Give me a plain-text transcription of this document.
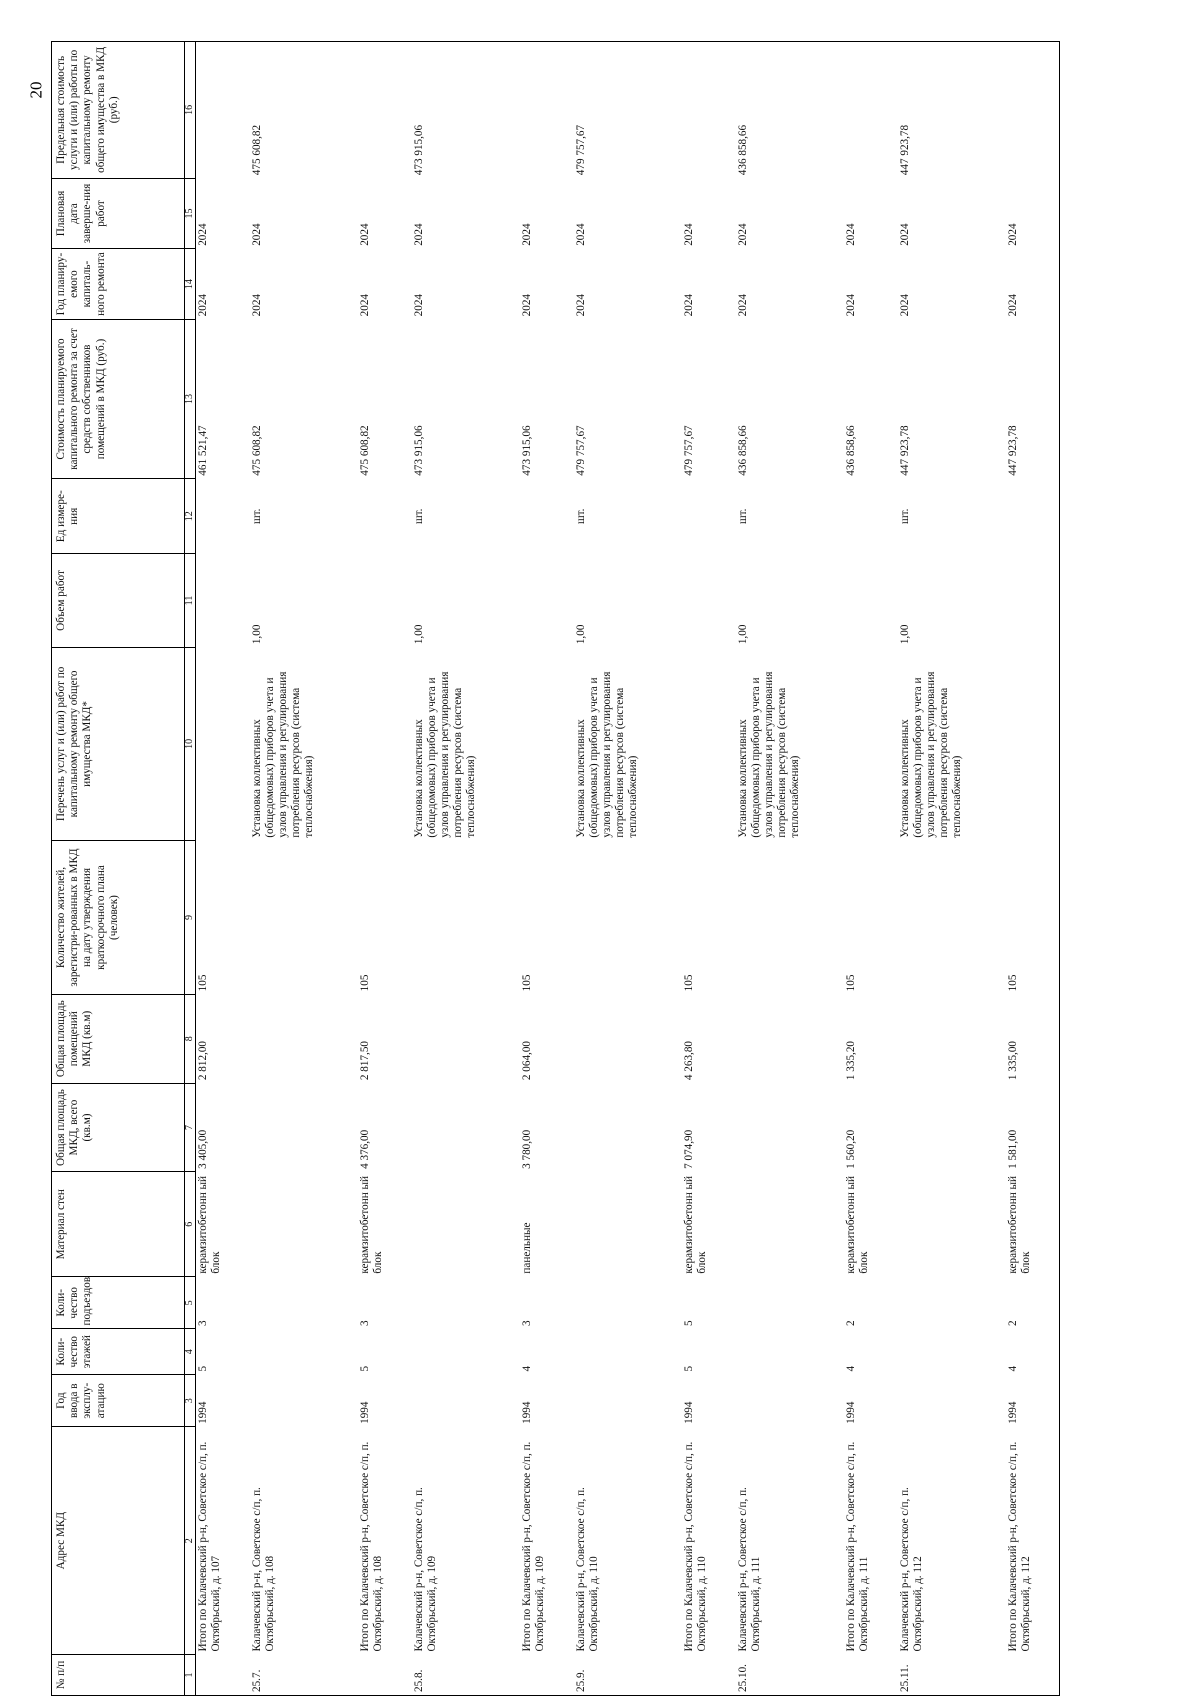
20
№ п/п	Адрес МКД	Год ввода в эксплу-атацию	Коли-чество этажей	Коли-чество подъездов	Материал стен	Общая площадь МКД, всего (кв.м)	Общая площадь помещений МКД (кв.м)	Количество жителей, зарегистри-рованных в МКД на дату утверждения краткосрочного плана (человек)	Перечень услуг и (или) работ по капитальному ремонту общего имущества МКД*	Объем работ	Ед измере-ния	Стоимость планируемого капитального ремонта за счет средств собственников помещений в МКД (руб.)	Год планиру-емого капиталь-ного ремонта	Плановая дата заверше-ния работ	Предельная стоимость услуги и (или) работы по капитальному ремонту общего имущества в МКД (руб.)
1	2	3	4	5	6	7	8	9	10	11	12	13	14	15	16
	Итого по Калачевский р-н, Советское с/п, п. Октябрьский, д. 107	1994	5	3	керамзитобетонн ый блок	3 405,00	2 812,00	105				461 521,47	2024	2024	
25.7.	Калачевский р-н, Советское с/п, п. Октябрьский, д. 108								Установка коллективных (общедомовых) приборов учета и узлов управления и регулирования потребления ресурсов (система теплоснабжения)	1,00	шт.	475 608,82	2024	2024	475 608,82
	Итого по Калачевский р-н, Советское с/п, п. Октябрьский, д. 108	1994	5	3	керамзитобетонн ый блок	4 376,00	2 817,50	105				475 608,82	2024	2024	
25.8.	Калачевский р-н, Советское с/п, п. Октябрьский, д. 109								Установка коллективных (общедомовых) приборов учета и узлов управления и регулирования потребления ресурсов (система теплоснабжения)	1,00	шт.	473 915,06	2024	2024	473 915,06
	Итого по Калачевский р-н, Советское с/п, п. Октябрьский, д. 109	1994	4	3	панельные	3 780,00	2 064,00	105				473 915,06	2024	2024	
25.9.	Калачевский р-н, Советское с/п, п. Октябрьский, д. 110								Установка коллективных (общедомовых) приборов учета и узлов управления и регулирования потребления ресурсов (система теплоснабжения)	1,00	шт.	479 757,67	2024	2024	479 757,67
	Итого по Калачевский р-н, Советское с/п, п. Октябрьский, д. 110	1994	5	5	керамзитобетонн ый блок	7 074,90	4 263,80	105				479 757,67	2024	2024	
25.10.	Калачевский р-н, Советское с/п, п. Октябрьский, д. 111								Установка коллективных (общедомовых) приборов учета и узлов управления и регулирования потребления ресурсов (система теплоснабжения)	1,00	шт.	436 858,66	2024	2024	436 858,66
	Итого по Калачевский р-н, Советское с/п, п. Октябрьский, д. 111	1994	4	2	керамзитобетонн ый блок	1 560,20	1 335,20	105				436 858,66	2024	2024	
25.11.	Калачевский р-н, Советское с/п, п. Октябрьский, д. 112								Установка коллективных (общедомовых) приборов учета и узлов управления и регулирования потребления ресурсов (система теплоснабжения)	1,00	шт.	447 923,78	2024	2024	447 923,78
	Итого по Калачевский р-н, Советское с/п, п. Октябрьский, д. 112	1994	4	2	керамзитобетонн ый блок	1 581,00	1 335,00	105				447 923,78	2024	2024	
